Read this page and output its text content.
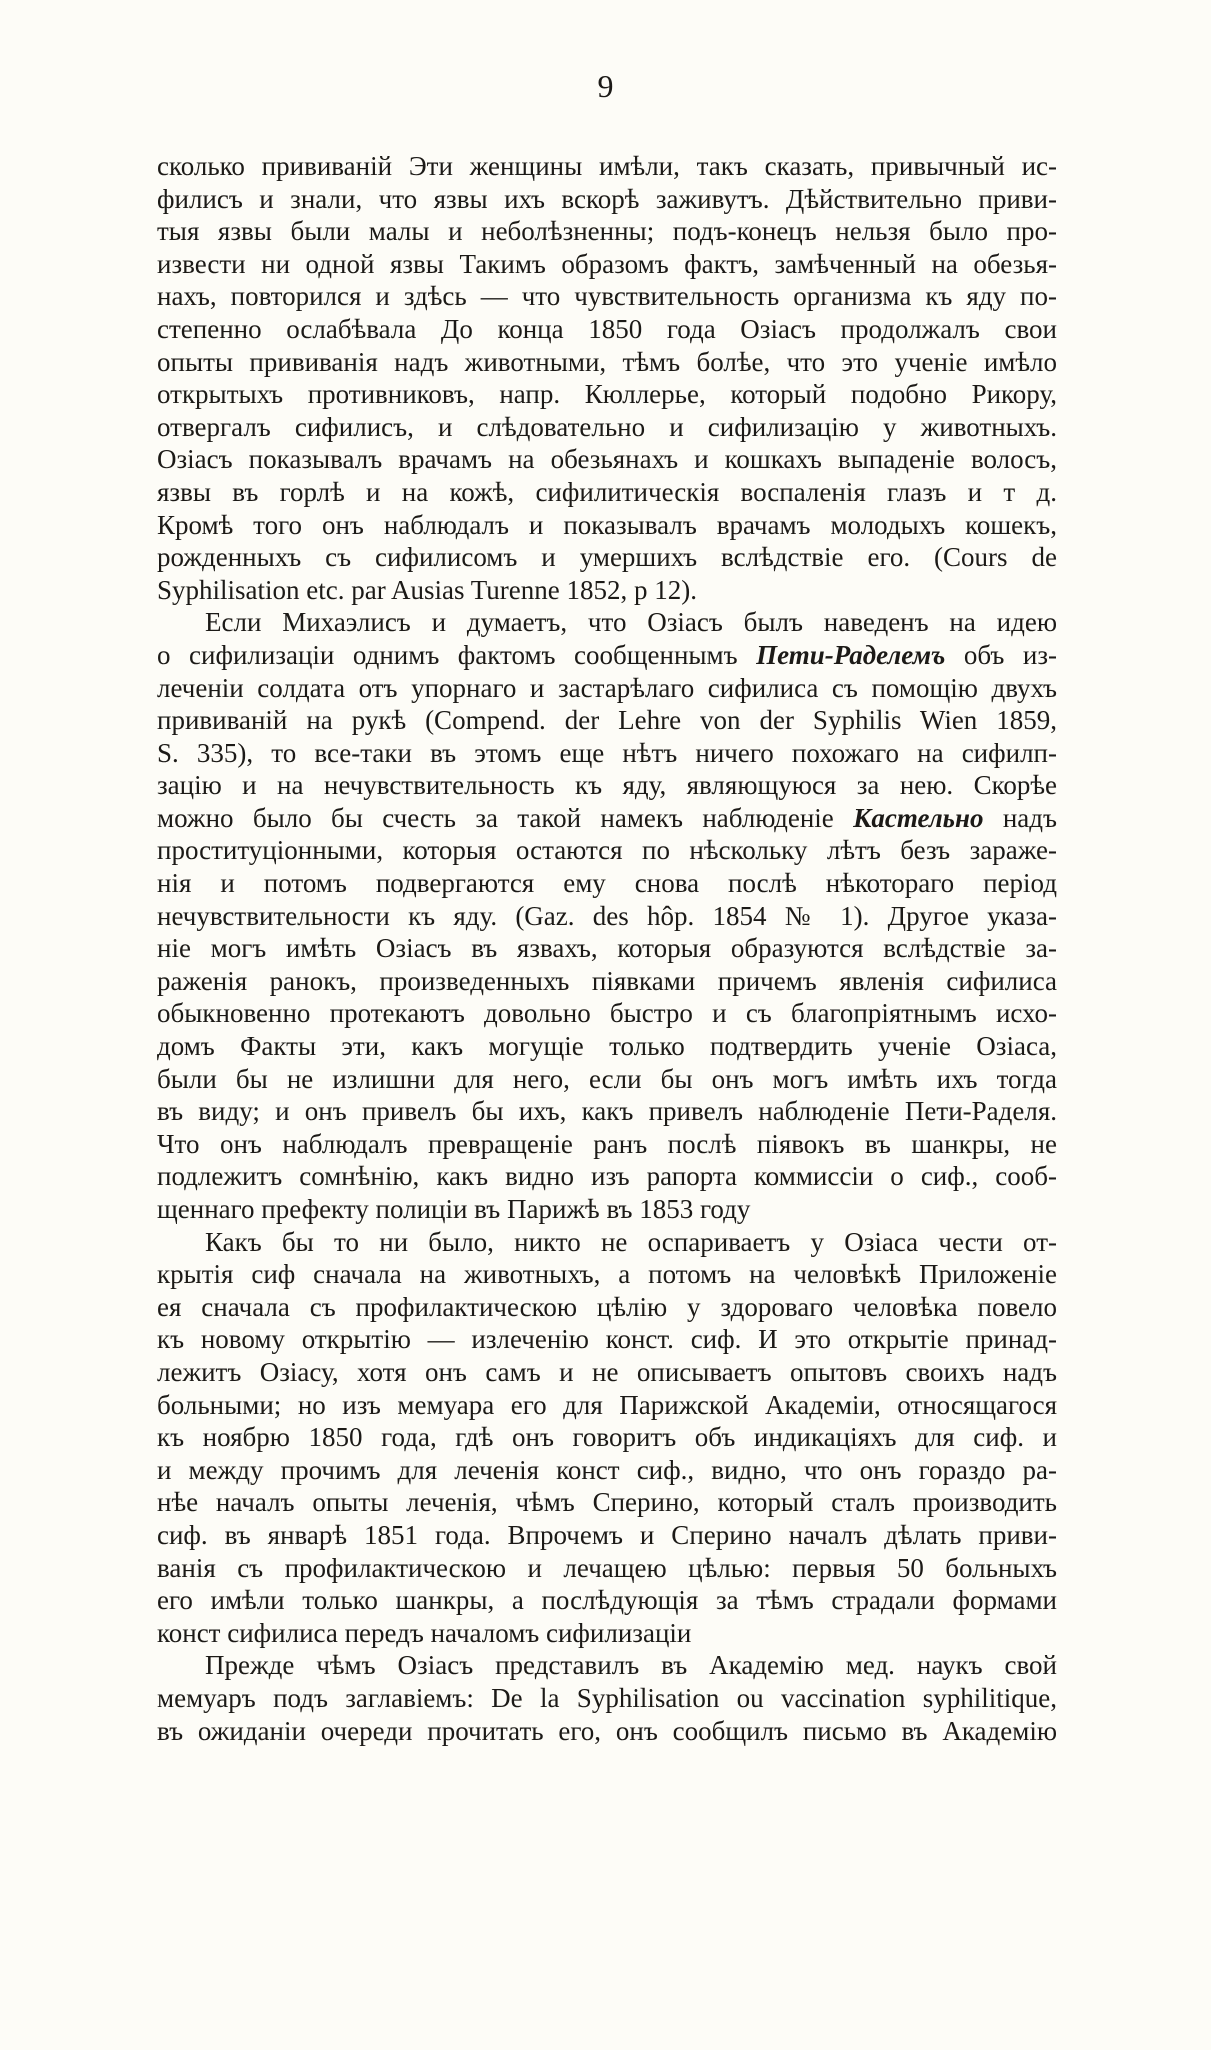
9
сколько прививаній Эти женщины имѣли, такъ сказать, привычный ис-
филисъ и знали, что язвы ихъ вскорѣ заживутъ. Дѣйствительно приви-
тыя язвы были малы и неболѣзненны; подъ-конецъ нельзя было про-
извести ни одной язвы Такимъ образомъ фактъ, замѣченный на обезья-
нахъ, повторился и здѣсь — что чувствительность организма къ яду по-
степенно ослабѣвала До конца 1850 года Озіасъ продолжалъ свои
опыты прививанія надъ животными, тѣмъ болѣе, что это ученіе имѣло
открытыхъ противниковъ, напр. Кюллерье, который подобно Рикору,
отвергалъ сифилисъ, и слѣдовательно и сифилизацію у животныхъ.
Озіасъ показывалъ врачамъ на обезьянахъ и кошкахъ выпаденіе волосъ,
язвы въ горлѣ и на кожѣ, сифилитическія воспаленія глазъ и т д.
Кромѣ того онъ наблюдалъ и показывалъ врачамъ молодыхъ кошекъ,
рожденныхъ съ сифилисомъ и умершихъ вслѣдствіе его. (Cours de
Syphilisation etc. par Ausias Turenne 1852, p 12).
Если Михаэлисъ и думаетъ, что Озіасъ былъ наведенъ на идею
о сифилизаціи однимъ фактомъ сообщеннымъ Пети-Раделемъ объ из-
леченіи солдата отъ упорнаго и застарѣлаго сифилиса съ помощію двухъ
прививаній на рукѣ (Compend. der Lehre von der Syphilis Wien 1859,
S. 335), то все-таки въ этомъ еще нѣтъ ничего похожаго на сифилп-
зацію и на нечувствительность къ яду, являющуюся за нею. Скорѣе
можно было бы счесть за такой намекъ наблюденіе Кастельно надъ
проституціонными, которыя остаются по нѣскольку лѣтъ безъ зараже-
нія и потомъ подвергаются ему снова послѣ нѣкотораго період
нечувствительности къ яду. (Gaz. des hôp. 1854 № 1). Другое указа-
ніе могъ имѣть Озіасъ въ язвахъ, которыя образуются вслѣдствіе за-
раженія ранокъ, произведенныхъ піявками причемъ явленія сифилиса
обыкновенно протекаютъ довольно быстро и съ благопріятнымъ исхо-
домъ Факты эти, какъ могущіе только подтвердить ученіе Озіаса,
были бы не излишни для него, если бы онъ могъ имѣть ихъ тогда
въ виду; и онъ привелъ бы ихъ, какъ привелъ наблюденіе Пети-Раделя.
Что онъ наблюдалъ превращеніе ранъ послѣ піявокъ въ шанкры, не
подлежитъ сомнѣнію, какъ видно изъ рапорта коммиссіи о сиф., сооб-
щеннаго префекту полиціи въ Парижѣ въ 1853 году
Какъ бы то ни было, никто не оспариваетъ у Озіаса чести от-
крытія сиф сначала на животныхъ, а потомъ на человѣкѣ Приложеніе
ея сначала съ профилактическою цѣлію у здороваго человѣка повело
къ новому открытію — излеченію конст. сиф. И это открытіе принад-
лежитъ Озіасу, хотя онъ самъ и не описываетъ опытовъ своихъ надъ
больными; но изъ мемуара его для Парижской Академіи, относящагося
къ ноябрю 1850 года, гдѣ онъ говоритъ объ индикаціяхъ для сиф. и
и между прочимъ для леченія конст сиф., видно, что онъ гораздо ра-
нѣе началъ опыты леченія, чѣмъ Сперино, который сталъ производить
сиф. въ январѣ 1851 года. Впрочемъ и Сперино началъ дѣлать приви-
ванія съ профилактическою и лечащею цѣлью: первыя 50 больныхъ
его имѣли только шанкры, а послѣдующія за тѣмъ страдали формами
конст сифилиса передъ началомъ сифилизаціи
Прежде чѣмъ Озіасъ представилъ въ Академію мед. наукъ свой
мемуаръ подъ заглавіемъ: De la Syphilisation ou vaccination syphilitique,
въ ожиданіи очереди прочитать его, онъ сообщилъ письмо въ Академію
